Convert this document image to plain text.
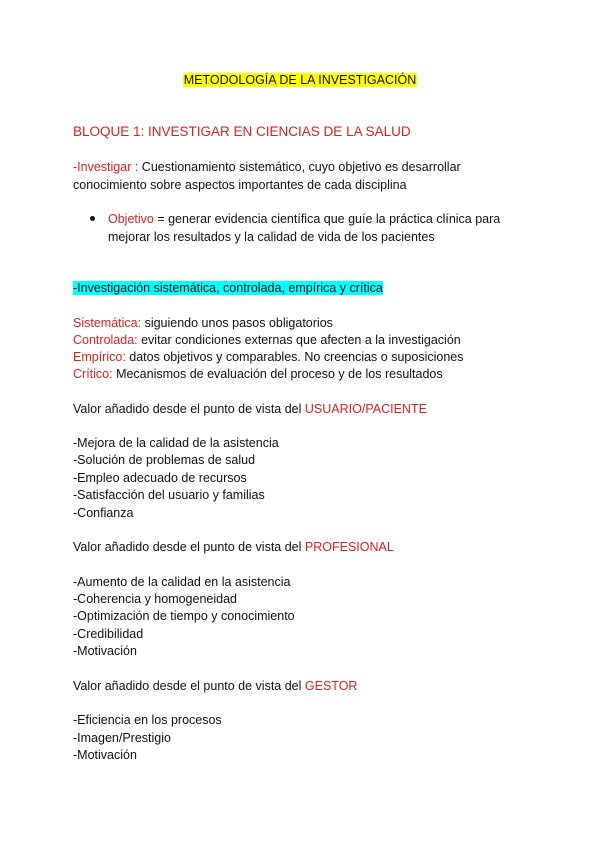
METODOLOGÍA DE LA INVESTIGACIÓN
BLOQUE 1: INVESTIGAR EN CIENCIAS DE LA SALUD
-Investigar : Cuestionamiento sistemático, cuyo objetivo es desarrollar
conocimiento sobre aspectos importantes de cada disciplina
Objetivo = generar evidencia científica que guíe la práctica clínica para
mejorar los resultados y la calidad de vida de los pacientes
-Investigación sistemática, controlada, empírica y crítica
Sistemática: siguiendo unos pasos obligatorios
Controlada: evitar condiciones externas que afecten a la investigación
Empírico: datos objetivos y comparables. No creencias o suposiciones
Crítico: Mecanismos de evaluación del proceso y de los resultados
Valor añadido desde el punto de vista del USUARIO/PACIENTE
-Mejora de la calidad de la asistencia
-Solución de problemas de salud
-Empleo adecuado de recursos
-Satisfacción del usuario y familias
-Confianza
Valor añadido desde el punto de vista del PROFESIONAL
-Aumento de la calidad en la asistencia
-Coherencia y homogeneidad
-Optimización de tiempo y conocimiento
-Credibilidad
-Motivación
Valor añadido desde el punto de vista del GESTOR
-Eficiencia en los procesos
-Imagen/Prestigio
-Motivación
